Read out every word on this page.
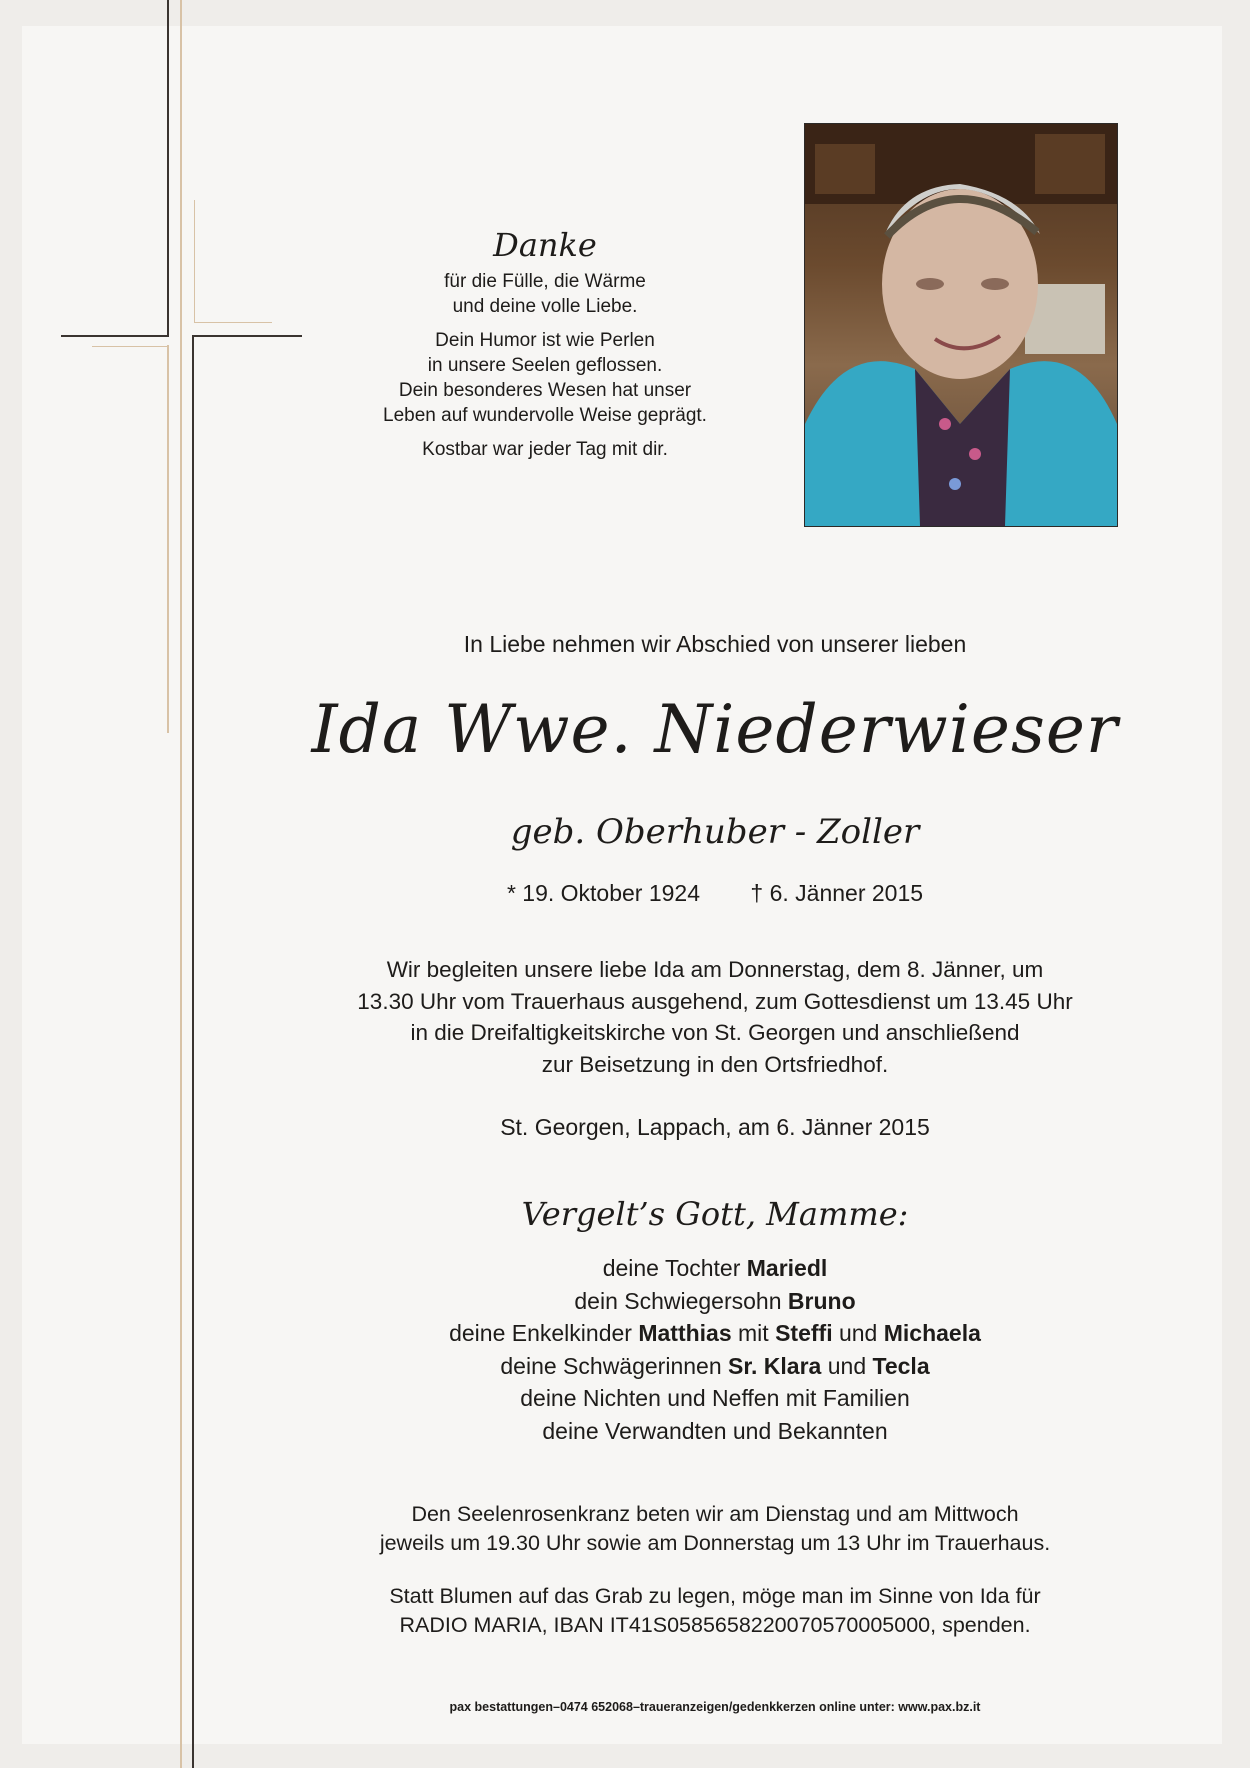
Danke
für die Fülle, die Wärme
und deine volle Liebe.
Dein Humor ist wie Perlen
in unsere Seelen geflossen.
Dein besonderes Wesen hat unser
Leben auf wundervolle Weise geprägt.
Kostbar war jeder Tag mit dir.
In Liebe nehmen wir Abschied von unserer lieben
Ida Wwe. Niederwieser
geb. Oberhuber - Zoller
* 19. Oktober 1924 † 6. Jänner 2015
Wir begleiten unsere liebe Ida am Donnerstag, dem 8. Jänner, um
13.30 Uhr vom Trauerhaus ausgehend, zum Gottesdienst um 13.45 Uhr
in die Dreifaltigkeitskirche von St. Georgen und anschließend
zur Beisetzung in den Ortsfriedhof.
St. Georgen, Lappach, am 6. Jänner 2015
Vergelt’s Gott, Mamme:
deine Tochter Mariedl
dein Schwiegersohn Bruno
deine Enkelkinder Matthias mit Steffi und Michaela
deine Schwägerinnen Sr. Klara und Tecla
deine Nichten und Neffen mit Familien
deine Verwandten und Bekannten
Den Seelenrosenkranz beten wir am Dienstag und am Mittwoch
jeweils um 19.30 Uhr sowie am Donnerstag um 13 Uhr im Trauerhaus.
Statt Blumen auf das Grab zu legen, möge man im Sinne von Ida für
RADIO MARIA, IBAN IT41S0585658220070570005000, spenden.
pax bestattungen–0474 652068–traueranzeigen/gedenkkerzen online unter: www.pax.bz.it
